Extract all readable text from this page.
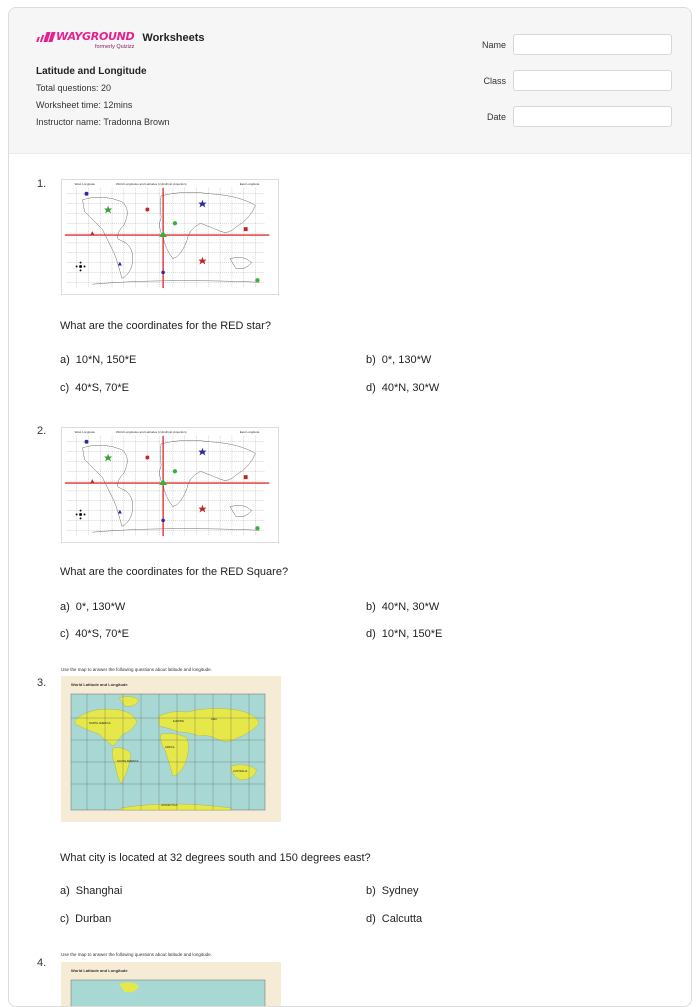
WAYGROUND
formerly Quizizz
Worksheets
Latitude and Longitude
Total questions: 20
Worksheet time: 12mins
Instructor name: Tradonna Brown
Name
Class
Date
1.	West Longitude	World Longitudes and Latitudes (cylindrical projection)	East Longitude
What are the coordinates for the RED star?
a) 10*N, 150*E	b) 0*, 130*W
c) 40*S, 70*E	d) 40*N, 30*W
2.	West Longitude	World Longitudes and Latitudes (cylindrical projection)	East Longitude
What are the coordinates for the RED Square?
a) 0*, 130*W	b) 40*N, 30*W
c) 40*S, 70*E	d) 10*N, 150*E
3.
Use the map to answer the following questions about latitude and longitude.
World Latitude and Longitude
NORTH AMERICA
EUROPE
ASIA
AFRICA
SOUTH AMERICA
AUSTRALIA
ANTARCTICA
What city is located at 32 degrees south and 150 degrees east?
a) Shanghai	b) Sydney
c) Durban	d) Calcutta
4.
Use the map to answer the following questions about latitude and longitude.
World Latitude and Longitude
